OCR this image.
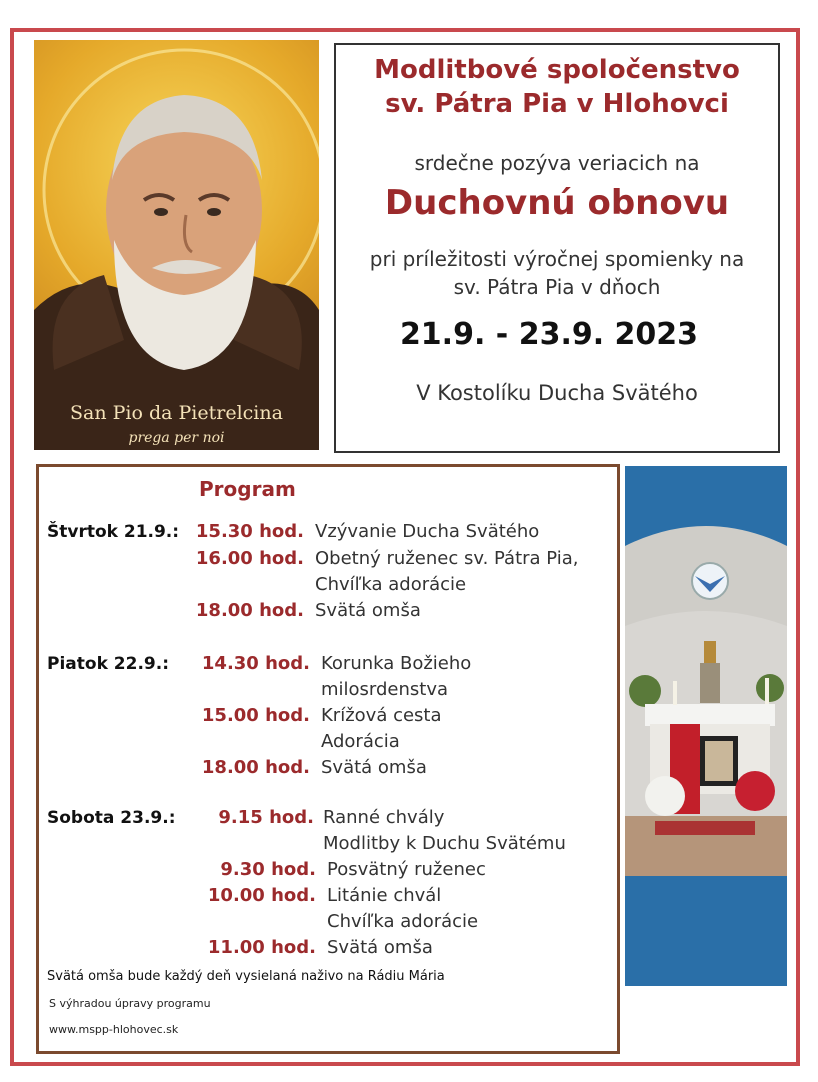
San Pio da Pietrelcina
prega per noi
Modlitbové spoločenstvo
sv. Pátra Pia v Hlohovci
srdečne pozýva veriacich na
Duchovnú obnovu
pri príležitosti výročnej spomienky na
sv. Pátra Pia v dňoch
21.9. - 23.9. 2023
V Kostolíku Ducha Svätého
Program
Štvrtok 21.9.: 15.30 hod. Vzývanie Ducha Svätého
16.00 hod. Obetný ruženec sv. Pátra Pia,
Chvíľka adorácie
18.00 hod. Svätá omša
Piatok 22.9.:	14.30 hod. Korunka Božieho
milosrdenstva
15.00 hod. Krížová cesta
Adorácia
18.00 hod. Svätá omša
Sobota 23.9.:	9.15 hod. Ranné chvály
Modlitby k Duchu Svätému
9.30 hod. Posvätný ruženec
10.00 hod. Litánie chvál
Chvíľka adorácie
11.00 hod. Svätá omša
Svätá omša bude každý deň vysielaná naživo na Rádiu Mária
S výhradou úpravy programu
www.mspp-hlohovec.sk
